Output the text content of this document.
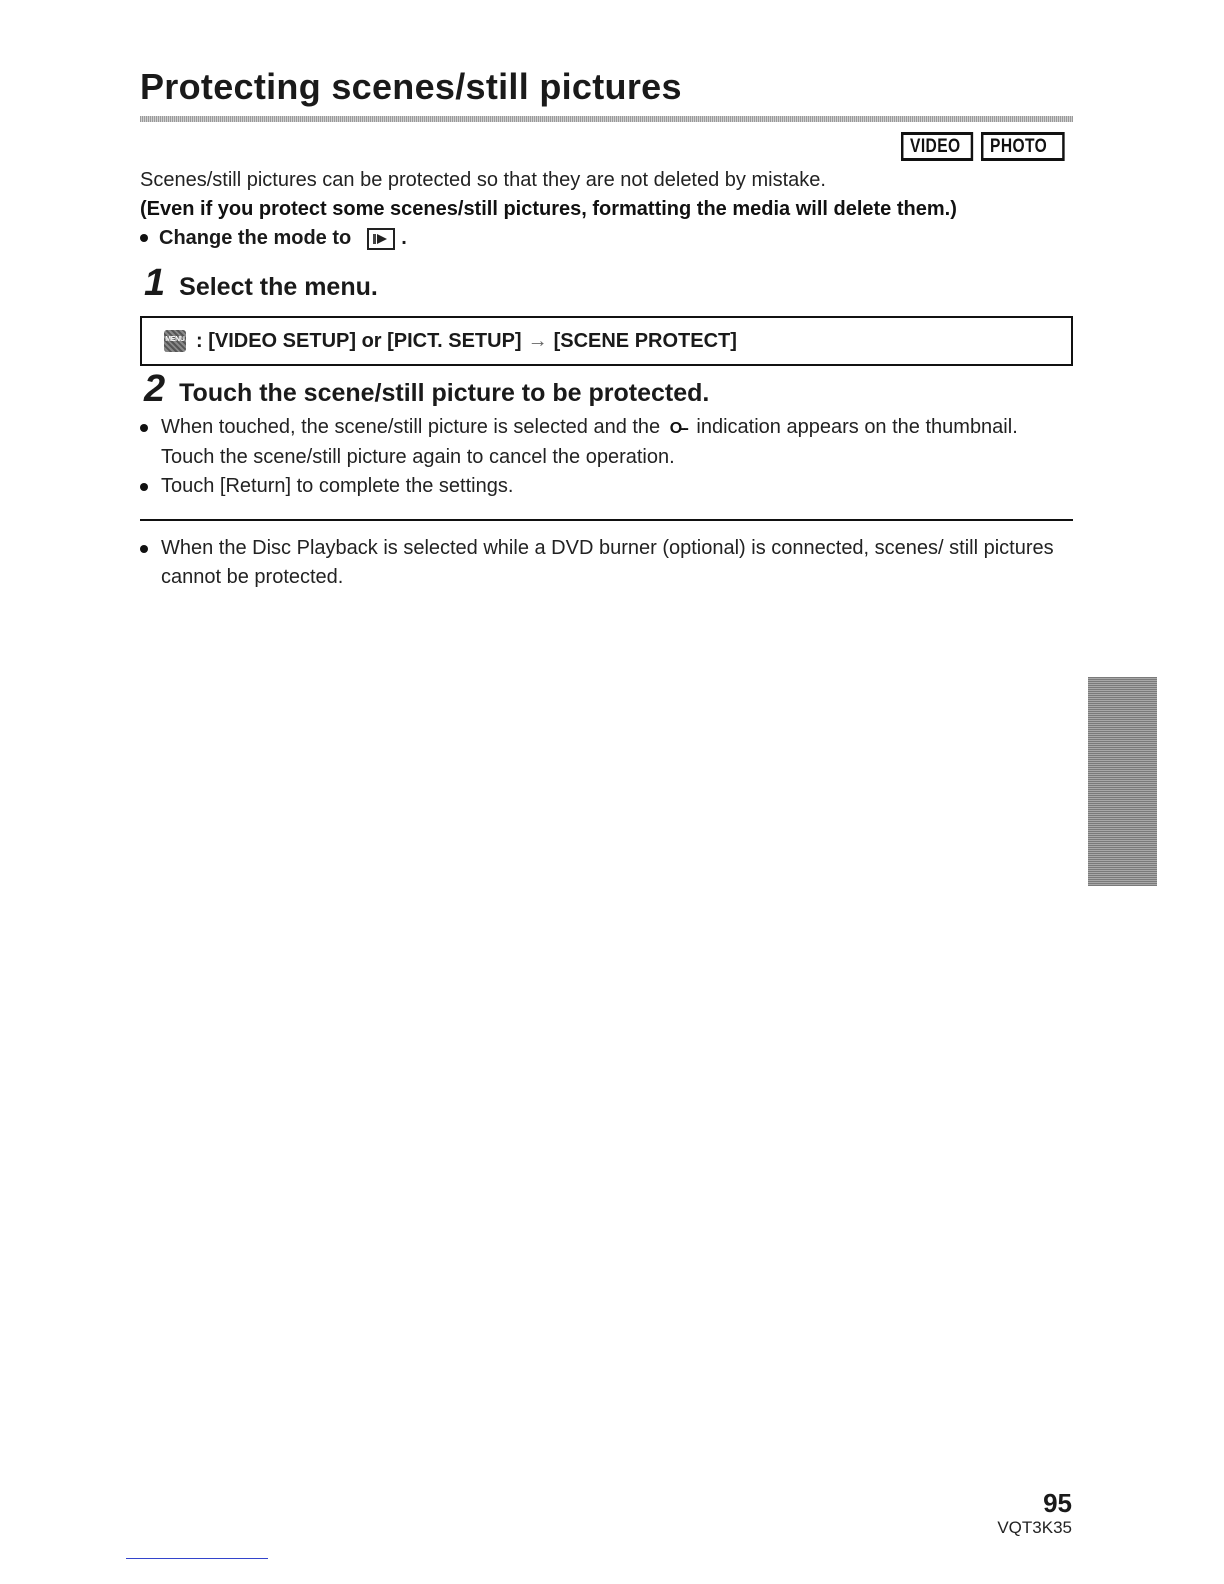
Protecting scenes/still pictures
VIDEO	PHOTO
Scenes/still pictures can be protected so that they are not deleted by mistake.
(Even if you protect some scenes/still pictures, formatting the media will delete them.)
Change the mode to	.
1 Select the menu.
MENU : [VIDEO SETUP] or [PICT. SETUP] → [SCENE PROTECT]
2 Touch the scene/still picture to be protected.
When touched, the scene/still picture is selected and the O‑‑ indication appears on the thumbnail. Touch the scene/still picture again to cancel the operation.
Touch [Return] to complete the settings.
When the Disc Playback is selected while a DVD burner (optional) is connected, scenes/ still pictures cannot be protected.
95
VQT3K35
